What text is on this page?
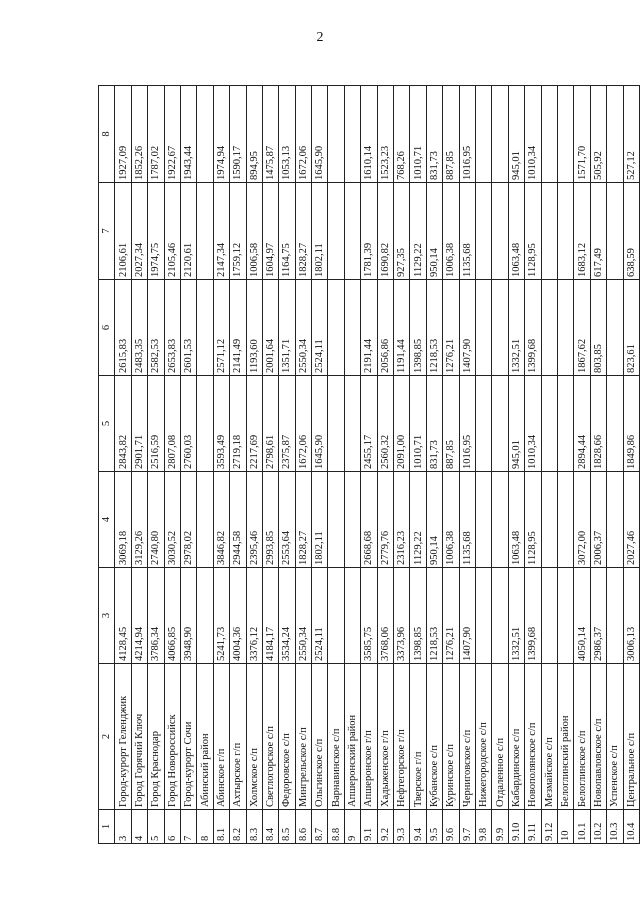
2
1	2	3	4	5	6	7	8
3	Город-курорт Геленджик	4128,45	3069,18	2843,82	2615,83	2106,61	1927,09
4	Город Горячий Ключ	4214,94	3129,26	2901,71	2483,35	2027,34	1852,26
5	Город Краснодар	3786,34	2740,80	2516,59	2582,53	1974,75	1787,02
6	Город Новороссийск	4066,85	3030,52	2807,08	2653,83	2105,46	1922,67
7	Город-курорт Сочи	3948,90	2978,02	2760,03	2601,53	2120,61	1943,44
8	Абинский район						
8.1	Абинское г/п	5241,73	3846,82	3593,49	2571,12	2147,34	1974,94
8.2	Ахтырское г/п	4004,36	2944,58	2719,18	2141,49	1759,12	1590,17
8.3	Холмское с/п	3376,12	2395,46	2217,69	1193,60	1006,58	894,95
8.4	Светлогорское с/п	4184,17	2993,85	2798,61	2001,64	1604,97	1475,87
8.5	Федоровское с/п	3534,24	2553,64	2375,87	1351,71	1164,75	1053,13
8.6	Мингрельское с/п	2550,34	1828,27	1672,06	2550,34	1828,27	1672,06
8.7	Ольгинское с/п	2524,11	1802,11	1645,90	2524,11	1802,11	1645,90
8.8	Варнавинское с/п						
9	Апшеронский район						
9.1	Апшеронское г/п	3585,75	2668,68	2455,17	2191,44	1781,39	1610,14
9.2	Хадыженское г/п	3768,06	2779,76	2560,32	2056,86	1690,82	1523,23
9.3	Нефтегорское г/п	3373,96	2316,23	2091,00	1191,44	927,35	768,26
9.4	Тверское г/п	1398,85	1129,22	1010,71	1398,85	1129,22	1010,71
9.5	Кубанское с/п	1218,53	950,14	831,73	1218,53	950,14	831,73
9.6	Куринское с/п	1276,21	1006,38	887,85	1276,21	1006,38	887,85
9.7	Черниговское с/п	1407,90	1135,68	1016,95	1407,90	1135,68	1016,95
9.8	Нижегородское с/п						
9.9	Отдаленное с/п						
9.10	Кабардинское с/п	1332,51	1063,48	945,01	1332,51	1063,48	945,01
9.11	Новополянское с/п	1399,68	1128,95	1010,34	1399,68	1128,95	1010,34
9.12	Мезмайское с/п						
10	Белоглинский район						
10.1	Белоглинское с/п	4050,14	3072,00	2894,44	1867,62	1683,12	1571,70
10.2	Новопавловское с/п	2986,37	2006,37	1828,66	803,85	617,49	505,92
10.3	Успенское с/п						
10.4	Центральное с/п	3006,13	2027,46	1849,86	823,61	638,59	527,12
